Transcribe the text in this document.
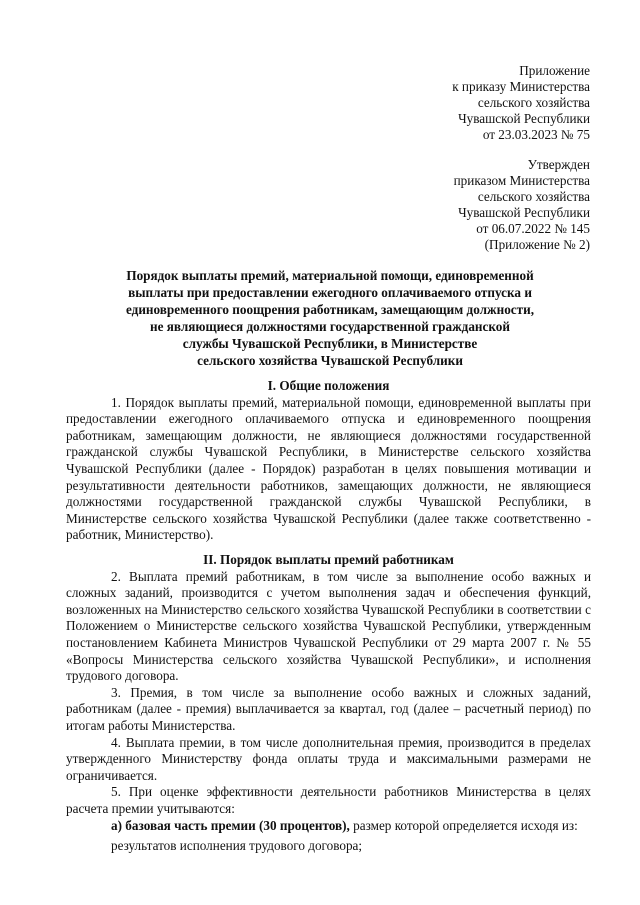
Приложение
к приказу Министерства
сельского хозяйства
Чувашской Республики
от 23.03.2023 № 75
Утвержден
приказом Министерства
сельского хозяйства
Чувашской Республики
от 06.07.2022 № 145
(Приложение № 2)
Порядок выплаты премий, материальной помощи, единовременной
выплаты при предоставлении ежегодного оплачиваемого отпуска и
единовременного поощрения работникам, замещающим должности,
не являющиеся должностями государственной гражданской
службы Чувашской Республики, в Министерстве
сельского хозяйства Чувашской Республики

I. Общие положения

1. Порядок выплаты премий, материальной помощи, единовременной выплаты при предоставлении ежегодного оплачиваемого отпуска и единовременного поощрения работникам, замещающим должности, не являющиеся должностями государственной гражданской службы Чувашской Республики, в Министерстве сельского хозяйства Чувашской Республики (далее - Порядок) разработан в целях повышения мотивации и результативности деятельности работников, замещающих должности, не являющиеся должностями государственной гражданской службы Чувашской Республики, в Министерстве сельского хозяйства Чувашской Республики (далее также соответственно - работник, Министерство).

II. Порядок выплаты премий работникам

2. Выплата премий работникам, в том числе за выполнение особо важных и сложных заданий, производится с учетом выполнения задач и обеспечения функций, возложенных на Министерство сельского хозяйства Чувашской Республики в соответствии с Положением о Министерстве сельского хозяйства Чувашской Республики, утвержденным постановлением Кабинета Министров Чувашской Республики от 29 марта 2007 г. № 55 «Вопросы Министерства сельского хозяйства Чувашской Республики», и исполнения трудового договора.

3. Премия, в том числе за выполнение особо важных и сложных заданий, работникам (далее - премия) выплачивается за квартал, год (далее – расчетный период) по итогам работы Министерства.

4. Выплата премии, в том числе дополнительная премия, производится в пределах утвержденного Министерству фонда оплаты труда и максимальными размерами не ограничивается.

5. При оценке эффективности деятельности работников Министерства в целях расчета премии учитываются:

а) базовая часть премии (30 процентов), размер которой определяется исходя из:

результатов исполнения трудового договора;
